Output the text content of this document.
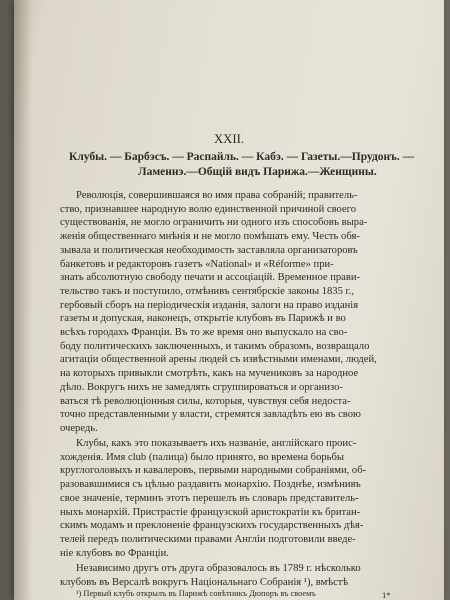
XXII.
Клубы. — Барбэсъ. — Распайль. — Кабэ. — Газеты.—Прудонъ. —
Ламеннэ.—Общій видъ Парижа.—Женщины.
Революція, совершившаяся во имя права собраній; правитель-
ство, признавшее народную волю единственной причиной своего
существованія, не могло ограничить ни одного изъ способовъ выра-
женія общественнаго мнѣнія и не могло помѣшать ему. Честь обя-
зывала и политическая необходимость заставляла организаторовъ
банкетовъ и редакторовъ газетъ «National» и «Réforme» при-
знать абсолютную свободу печати и ассоціацій. Временное прави-
тельство такъ и поступило, отмѣнивъ сентябрскіе законы 1835 г.,
гербовый сборъ на періодическія изданія, залоги на право изданія
газеты и допуская, наконецъ, открытіе клубовъ въ Парижѣ и во
всѣхъ городахъ Франціи. Въ то же время оно выпускало на сво-
боду политическихъ заключенныхъ, и такимъ образомъ, возвращало
агитаціи общественной арены людей съ извѣстными именами, людей,
на которыхъ привыкли смотрѣть, какъ на мучениковъ за народное
дѣло. Вокругъ нихъ не замедлять сгруппироваться и организо-
ваться тѣ революціонныя силы, которыя, чувствуя себя недоста-
точно представленными у власти, стремятся завладѣть ею въ свою
очередь.
Клубы, какъ это показываетъ ихъ названіе, англійскаго проис-
хожденія. Имя club (палица) было принято, во времена борьбы
круглоголовыхъ и кавалеровъ, первыми народными собраніями, об-
разовавшимися съ цѣлью раздавить монархію. Позднѣе, измѣнивъ
свое значеніе, терминъ этотъ перешелъ въ словарь представитель-
ныхъ монархій. Пристрастіе французской аристократіи къ британ-
скимъ модамъ и преклоненіе французскихъ государственныхъ дѣя-
телей передъ политическими правами Англіи подготовили введе-
ніе клубовъ во Франціи.
Независимо другъ отъ друга образовалось въ 1789 г. нѣсколько
клубовъ въ Версалѣ вокругъ Національнаго Собранія ¹), вмѣстѣ
¹) Первый клубъ открылъ въ Парижѣ совѣтникъ Дюпоръ въ своемъ	1*
